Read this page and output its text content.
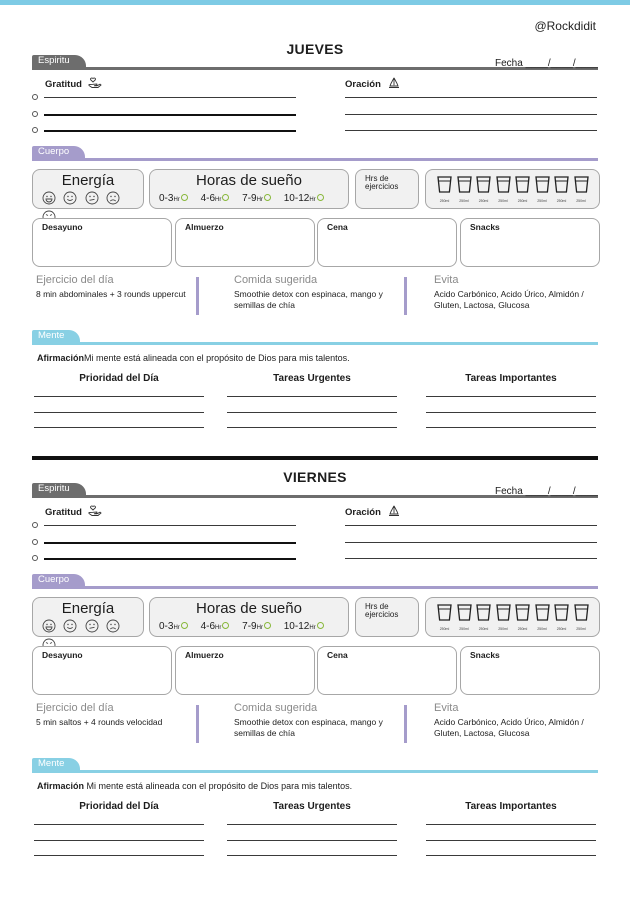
@Rockdidit
JUEVES
Espiritu	Fecha ____/____/____
Gratitud	Oración
Cuerpo
Energía
	Horas de sueño
0-3Hr 4-6Hr 7-9Hr 10-12Hr
Hrs de
ejercicios
250ml	250ml	250ml	250ml	250ml	250ml	250ml	250ml
Desayuno	Almuerzo	Cena	Snacks
Ejercicio del día
8 min abdominales + 3 rounds uppercut
Comida sugerida
Smoothie detox con espinaca, mango y semillas de chía
Evita
Acido Carbónico, Acido Úrico, Almidón / Gluten, Lactosa, Glucosa
Mente
AfirmaciónMi mente está alineada con el propósito de Dios para mis talentos.
Prioridad del Día	Tareas Urgentes	Tareas Importantes
VIERNES
Espiritu	Fecha ____/____/____
Gratitud	Oración
Cuerpo
Energía
	Horas de sueño
0-3Hr 4-6Hr 7-9Hr 10-12Hr
Hrs de
ejercicios
250ml	250ml	250ml	250ml	250ml	250ml	250ml	250ml
Desayuno	Almuerzo	Cena	Snacks
Ejercicio del día
5 min saltos + 4 rounds velocidad
Comida sugerida
Smoothie detox con espinaca, mango y semillas de chía
Evita
Acido Carbónico, Acido Úrico, Almidón / Gluten, Lactosa, Glucosa
Mente
Afirmación Mi mente está alineada con el propósito de Dios para mis talentos.
Prioridad del Día	Tareas Urgentes	Tareas Importantes
